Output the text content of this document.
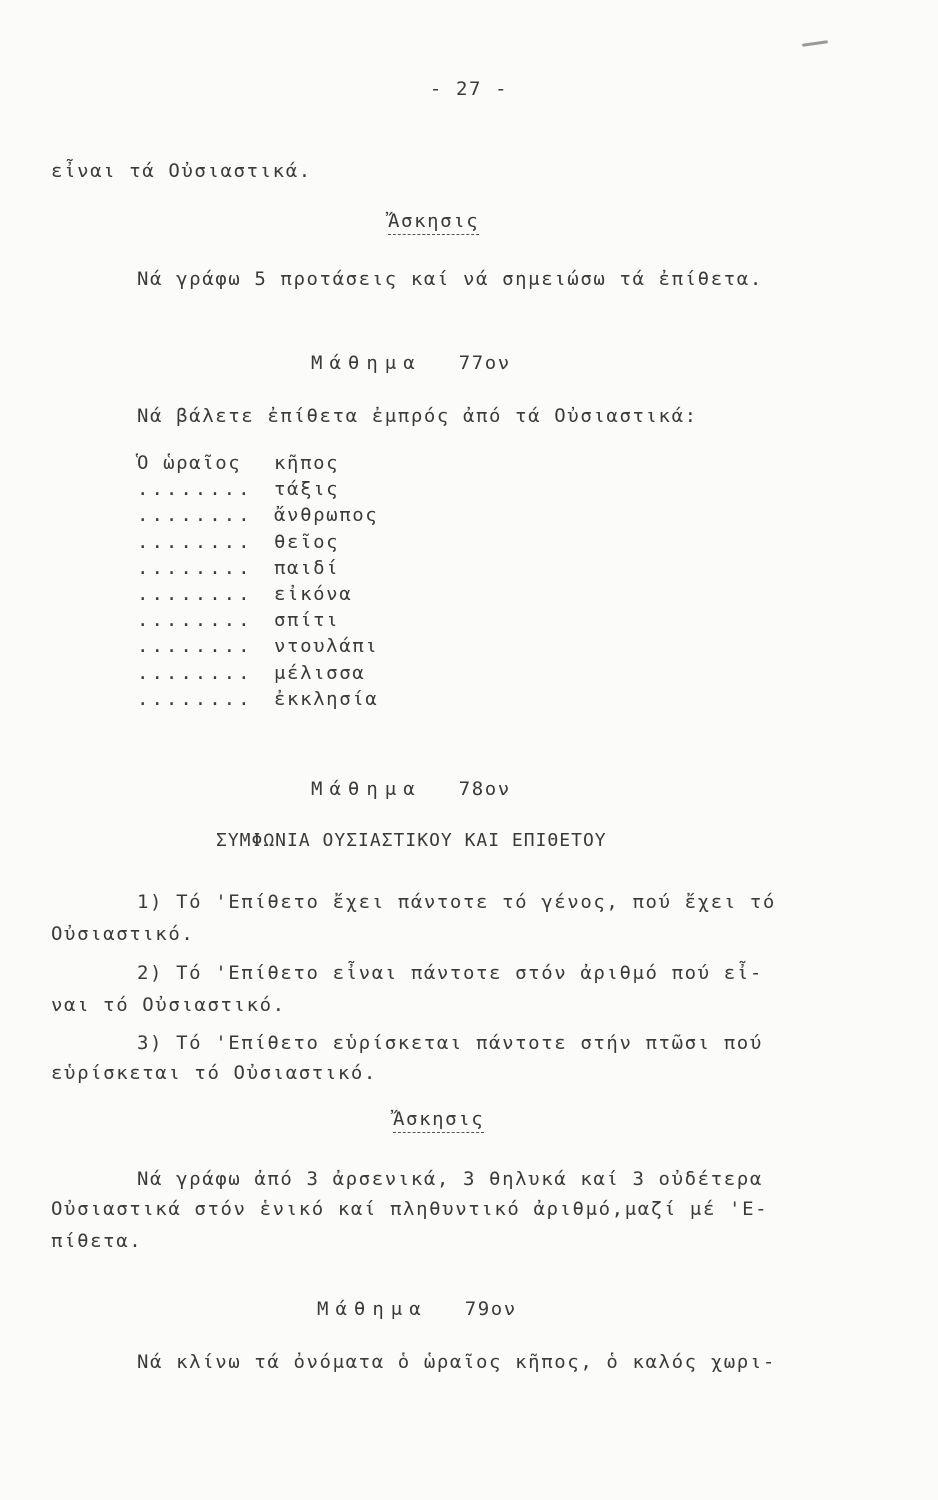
- 27 -
εἶναι τά Οὐσιαστικά.
Ἄσκησις
Νά γράφω 5 προτάσεις καί νά σημειώσω τά ἐπίθετα.
Μάθημα 77ον
Νά βάλετε ἐπίθετα ἐμπρός ἀπό τά Οὐσιαστικά:
Ὁ ὡραῖος	κῆπος
........ τάξις
........ ἄνθρωπος
........ θεῖος
........ παιδί
........ εἰκόνα
........ σπίτι
........ ντουλάπι
........ μέλισσα
........ ἐκκλησία
Μάθημα 78ον
ΣΥΜΦΩΝΙΑ ΟΥΣΙΑΣΤΙΚΟΥ ΚΑΙ ΕΠΙΘΕΤΟΥ
1) Τό 'Επίθετο ἔχει πάντοτε τό γένος, πού ἔχει τό
Οὐσιαστικό.
2) Τό 'Επίθετο εἶναι πάντοτε στόν ἀριθμό πού εἶ-
ναι τό Οὐσιαστικό.
3) Τό 'Επίθετο εὑρίσκεται πάντοτε στήν πτῶσι πού
εὑρίσκεται τό Οὐσιαστικό.
Ἄσκησις
Νά γράφω ἀπό 3 ἀρσενικά, 3 θηλυκά καί 3 οὐδέτερα
Οὐσιαστικά στόν ἑνικό καί πληθυντικό ἀριθμό,μαζί μέ 'Ε-
πίθετα.
Μάθημα 79ον
Νά κλίνω τά ὀνόματα ὁ ὡραῖος κῆπος, ὁ καλός χωρι-
